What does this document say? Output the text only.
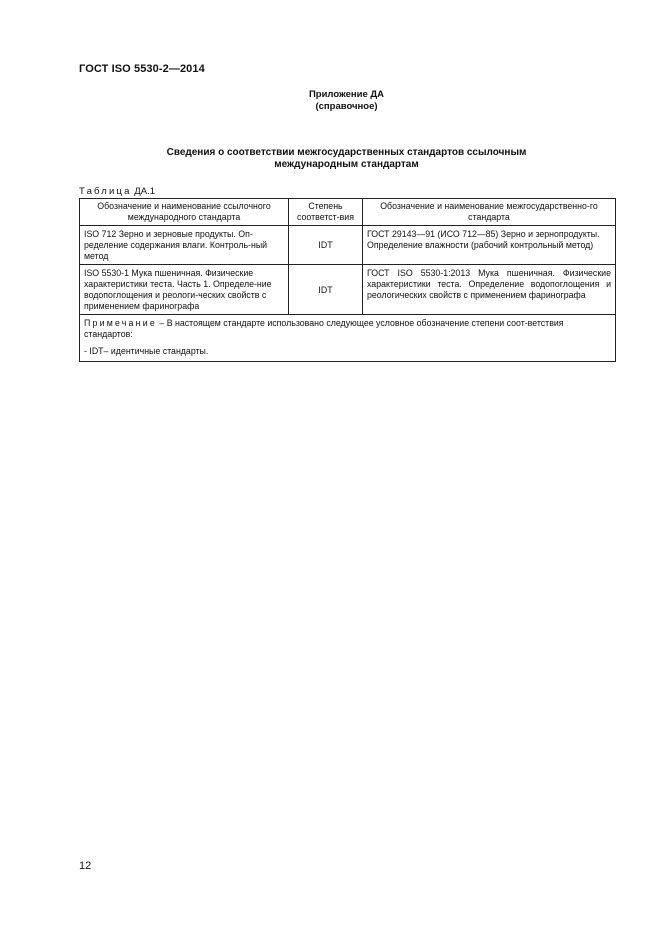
ГОСТ ISO 5530-2—2014
Приложение ДА
(справочное)
Сведения о соответствии межгосударственных стандартов ссылочным
международным стандартам
Таблица ДА.1
Обозначение и наименование ссылочного международного стандарта	Степень соответст-вия	Обозначение и наименование межгосударственно-го стандарта
ISO 712 Зерно и зерновые продукты. Оп-ределение содержания влаги. Контроль-ный метод	IDT	ГОСТ 29143—91 (ИСО 712—85) Зерно и зернопродукты. Определение влажности (рабочий контрольный метод)
ISO 5530-1 Мука пшеничная. Физические характеристики теста. Часть 1. Определе-ние водопоглощения и реологи-ческих свойств с применением фаринографа	IDT	ГОСТ ISO 5530-1:2013 Мука пшеничная. Физические характеристики теста. Определение водопоглощения и реологических свойств с применением фаринографа

Примечание – В настоящем стандарте использовано следующее условное обозначение степени соот-ветствия стандартов:
- IDT– идентичные стандарты.		
12
